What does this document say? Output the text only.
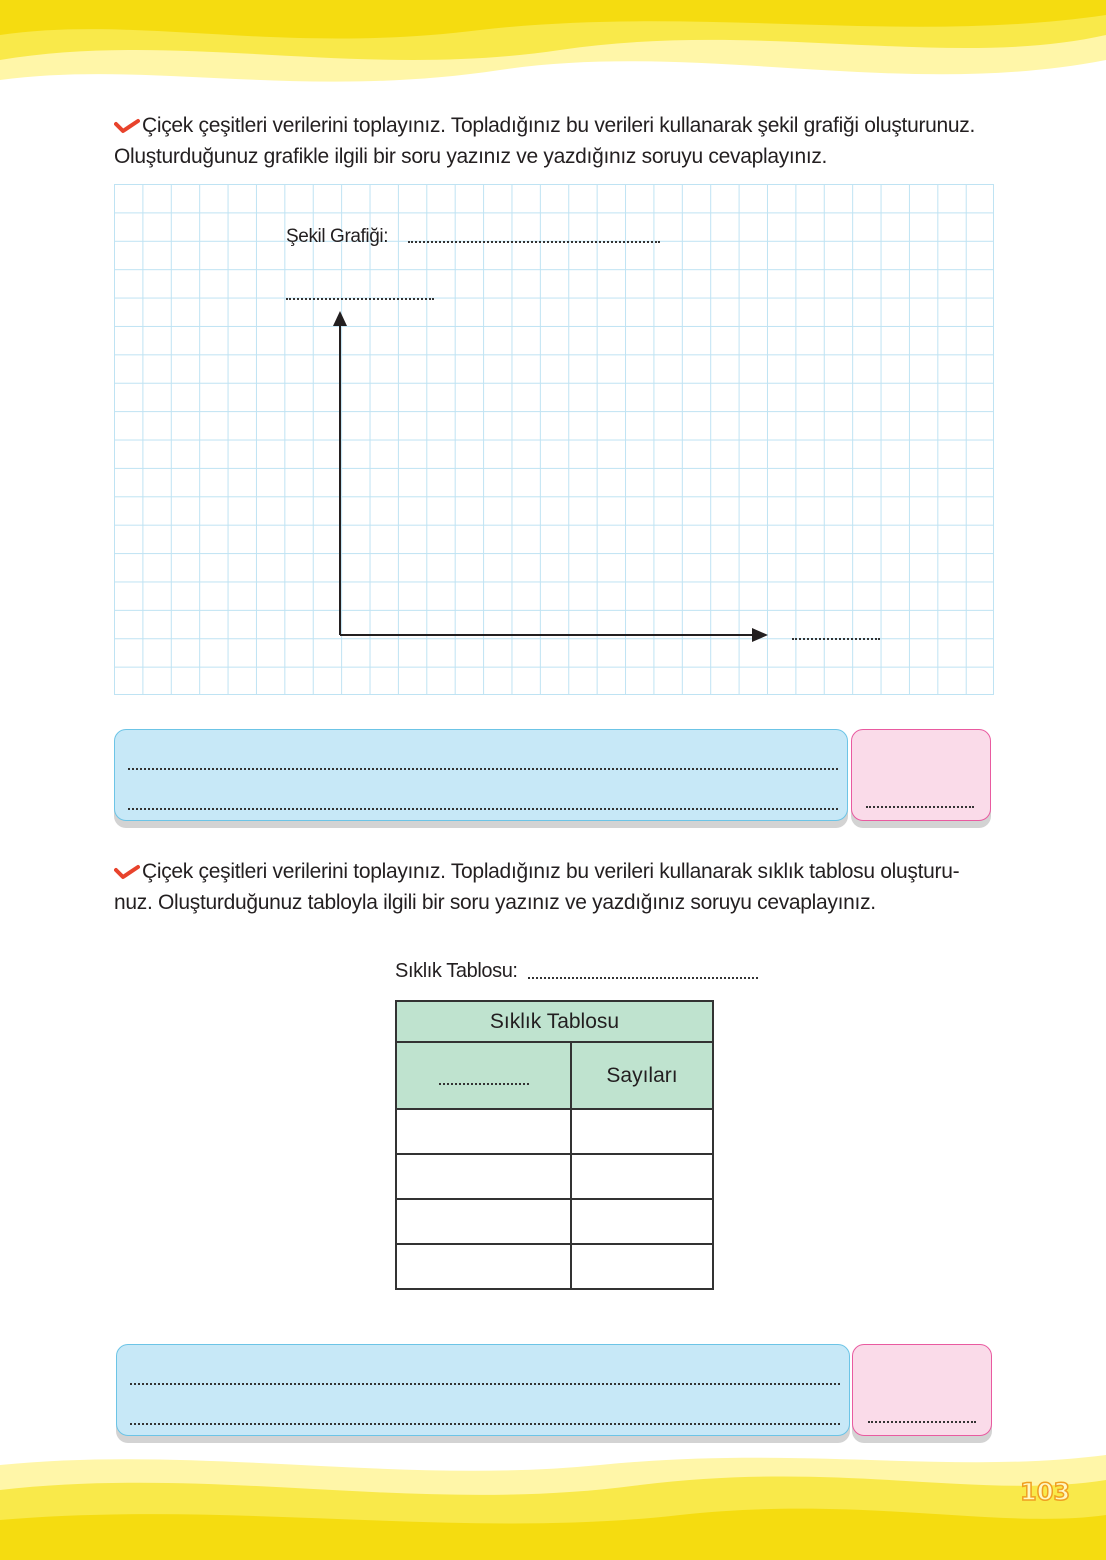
Çiçek çeşitleri verilerini toplayınız. Topladığınız bu verileri kullanarak şekil grafiği oluşturunuz.
Oluşturduğunuz grafikle ilgili bir soru yazınız ve yazdığınız soruyu cevaplayınız.
Şekil Grafiği:
Çiçek çeşitleri verilerini toplayınız. Topladığınız bu verileri kullanarak sıklık tablosu oluşturu-
nuz. Oluşturduğunuz tabloyla ilgili bir soru yazınız ve yazdığınız soruyu cevaplayınız.
Sıklık Tablosu:
Sıklık Tablosu	

	Sayıları

103
